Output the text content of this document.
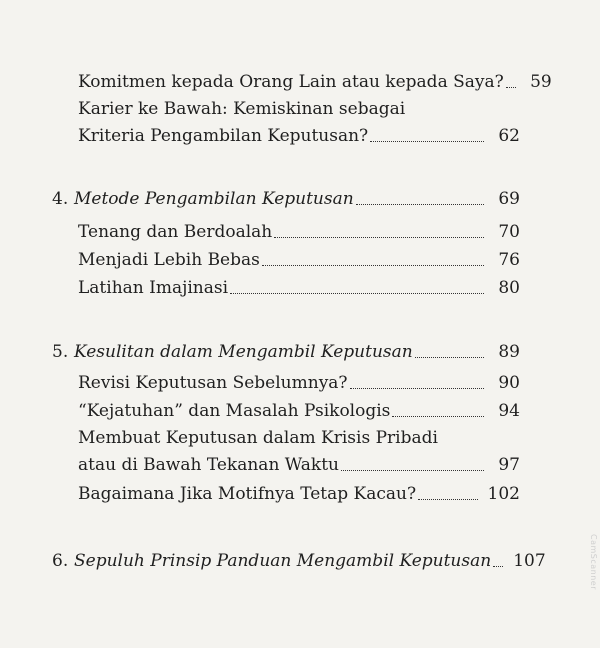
Komitmen kepada Orang Lain atau kepada Saya? 59
Karier ke Bawah: Kemiskinan sebagai
Kriteria Pengambilan Keputusan?	62
4. Metode Pengambilan Keputusan	69
Tenang dan Berdoalah	70
Menjadi Lebih Bebas	76
Latihan Imajinasi	80
5. Kesulitan dalam Mengambil Keputusan	89
Revisi Keputusan Sebelumnya?	90
“Kejatuhan” dan Masalah Psikologis	94
Membuat Keputusan dalam Krisis Pribadi
atau di Bawah Tekanan Waktu	97
Bagaimana Jika Motifnya Tetap Kacau?	102
6. Sepuluh Prinsip Panduan Mengambil Keputusan 107	CamScanner
